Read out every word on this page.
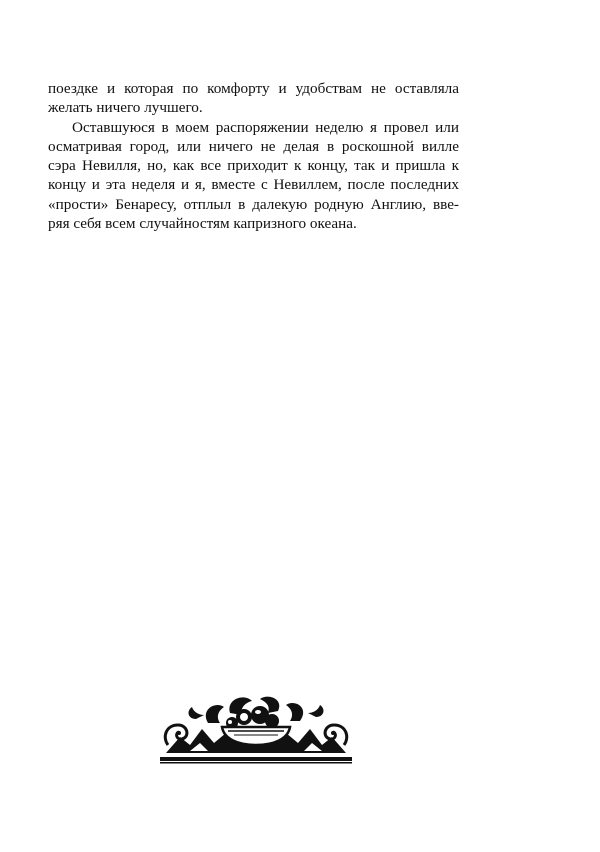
поездке и которая по комфорту и удобствам не оставляла
желать ничего лучшего.
Оставшуюся в моем распоряжении неделю я провел или
осматривая город, или ничего не делая в роскошной вилле
сэра Невилля, но, как все приходит к концу, так и пришла к
концу и эта неделя и я, вместе с Невиллем, после последних
«прости» Бенаресу, отплыл в далекую родную Англию, вве-
ряя себя всем случайностям капризного океана.
